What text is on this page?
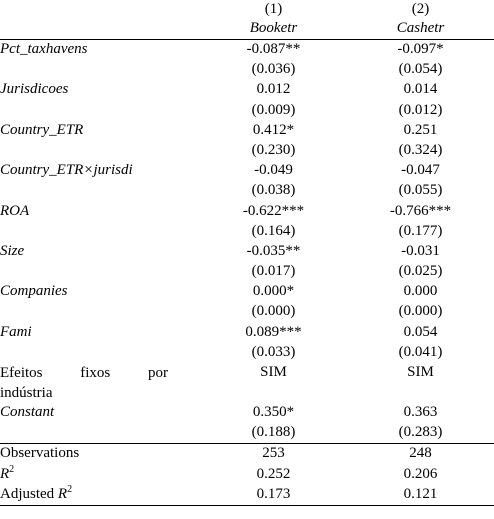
	(1)	(2)
	Booketr	Cashetr
Pct_taxhavens	-0.087**	-0.097*
	(0.036)	(0.054)
Jurisdicoes	0.012	0.014
	(0.009)	(0.012)
Country_ETR	0.412*	0.251
	(0.230)	(0.324)
Country_ETR×jurisdi	-0.049	-0.047
	(0.038)	(0.055)
ROA	-0.622***	-0.766***
	(0.164)	(0.177)
Size	-0.035**	-0.031
	(0.017)	(0.025)
Companies	0.000*	0.000
	(0.000)	(0.000)
Fami	0.089***	0.054
	(0.033)	(0.041)

Efeitos fixos por
indústria	SIM	SIM
Constant	0.350*	0.363
	(0.188)	(0.283)
Observations	253	248
$R^2$	0.252	0.206
Adjusted $R^2$	0.173	0.121
